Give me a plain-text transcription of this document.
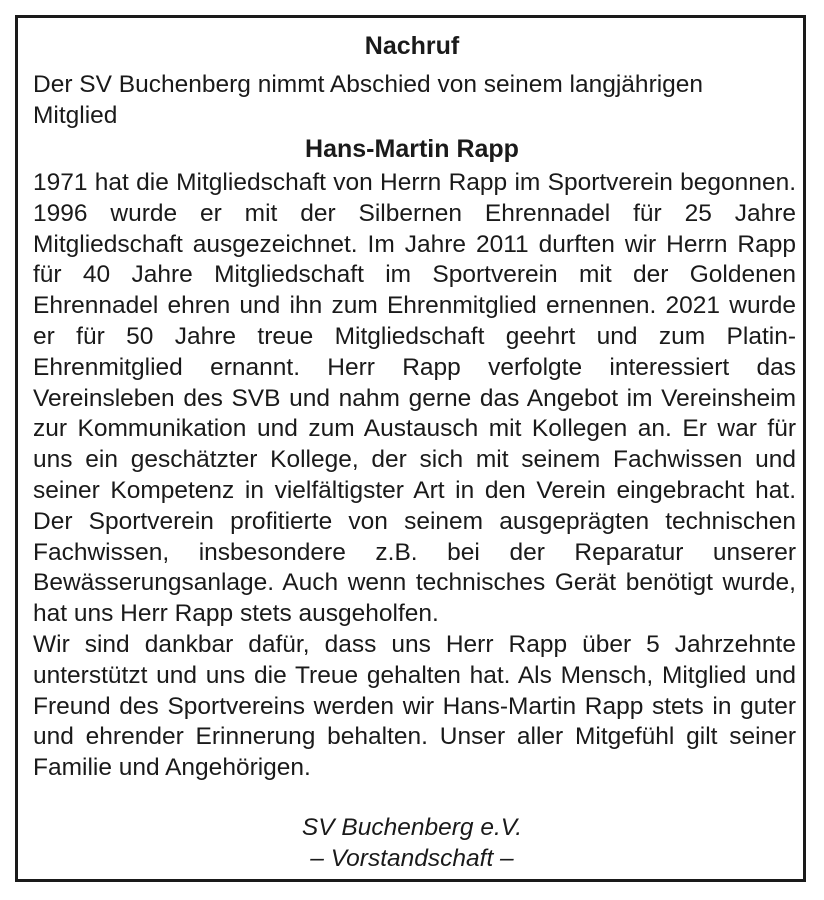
Nachruf
Der SV Buchenberg nimmt Abschied von seinem langjährigen Mitglied
Hans-Martin Rapp

1971 hat die Mitgliedschaft von Herrn Rapp im Sportverein begonnen. 1996 wurde er mit der Silbernen Ehrennadel für 25 Jahre Mitgliedschaft ausgezeichnet. Im Jahre 2011 durften wir Herrn Rapp für 40 Jahre Mitgliedschaft im Sportverein mit der Goldenen Ehrennadel ehren und ihn zum Ehrenmitglied ernennen. 2021 wurde er für 50 Jahre treue Mitgliedschaft geehrt und zum Platin-Ehrenmitglied ernannt. Herr Rapp verfolgte interessiert das Vereinsleben des SVB und nahm gerne das Angebot im Vereinsheim zur Kommunikation und zum Austausch mit Kollegen an. Er war für uns ein geschätzter Kollege, der sich mit seinem Fachwissen und seiner Kompetenz in vielfältigster Art in den Verein eingebracht hat. Der Sportverein profitierte von seinem ausgeprägten technischen Fachwissen, insbesondere z.B. bei der Reparatur unserer Bewässerungsanlage. Auch wenn technisches Gerät benötigt wurde, hat uns Herr Rapp stets ausgeholfen.

Wir sind dankbar dafür, dass uns Herr Rapp über 5 Jahrzehnte unterstützt und uns die Treue gehalten hat. Als Mensch, Mitglied und Freund des Sportvereins werden wir Hans-Martin Rapp stets in guter und ehrender Erinnerung behalten. Unser aller Mitgefühl gilt seiner Familie und Angehörigen.

SV Buchenberg e.V.
– Vorstandschaft –
